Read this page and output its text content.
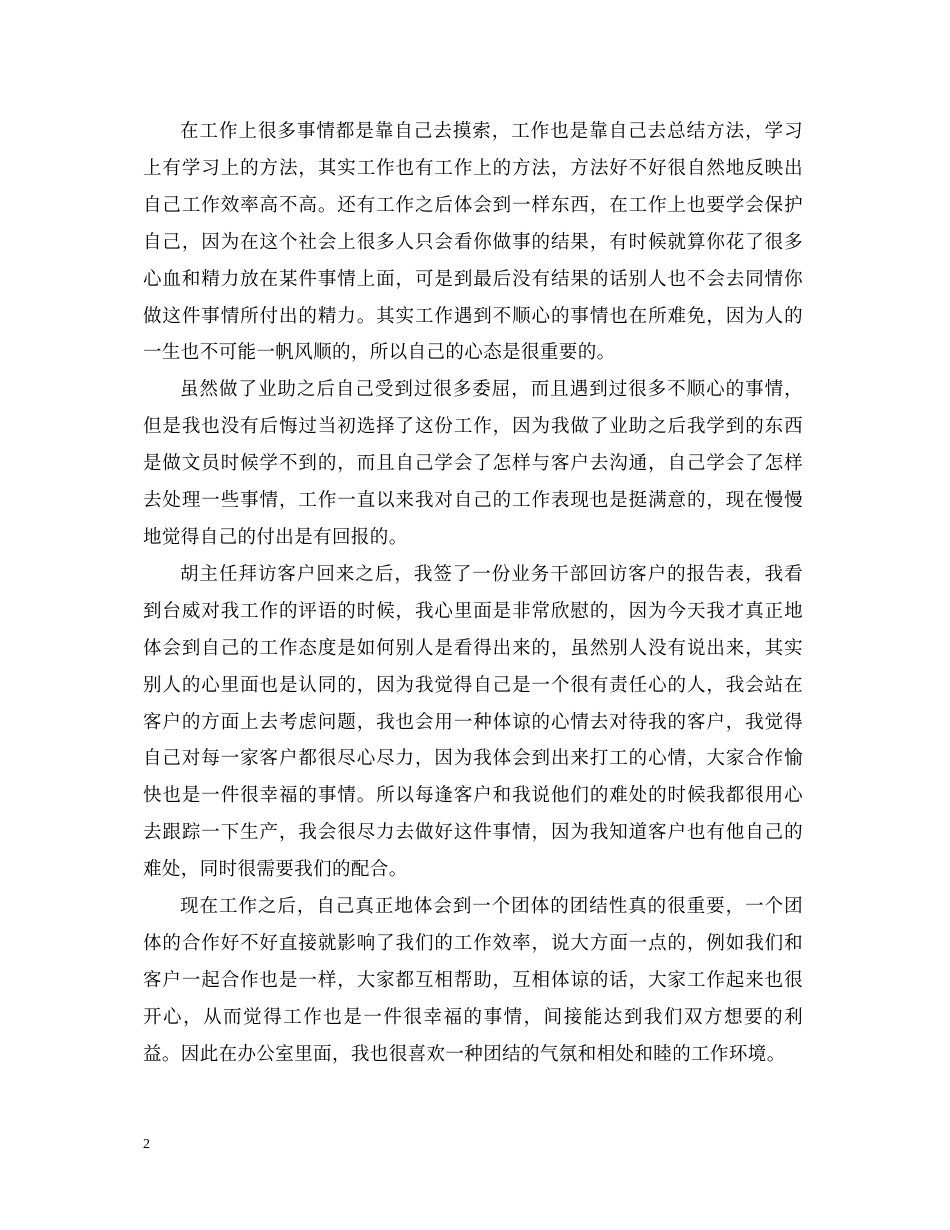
在工作上很多事情都是靠自己去摸索，工作也是靠自己去总结方法，学习上有学习上的方法，其实工作也有工作上的方法，方法好不好很自然地反映出自己工作效率高不高。还有工作之后体会到一样东西，在工作上也要学会保护自己，因为在这个社会上很多人只会看你做事的结果，有时候就算你花了很多心血和精力放在某件事情上面，可是到最后没有结果的话别人也不会去同情你做这件事情所付出的精力。其实工作遇到不顺心的事情也在所难免，因为人的一生也不可能一帆风顺的，所以自己的心态是很重要的。

虽然做了业助之后自己受到过很多委屈，而且遇到过很多不顺心的事情，但是我也没有后悔过当初选择了这份工作，因为我做了业助之后我学到的东西是做文员时候学不到的，而且自己学会了怎样与客户去沟通，自己学会了怎样去处理一些事情，工作一直以来我对自己的工作表现也是挺满意的，现在慢慢地觉得自己的付出是有回报的。

胡主任拜访客户回来之后，我签了一份业务干部回访客户的报告表，我看到台威对我工作的评语的时候，我心里面是非常欣慰的，因为今天我才真正地体会到自己的工作态度是如何别人是看得出来的，虽然别人没有说出来，其实别人的心里面也是认同的，因为我觉得自己是一个很有责任心的人，我会站在客户的方面上去考虑问题，我也会用一种体谅的心情去对待我的客户，我觉得自己对每一家客户都很尽心尽力，因为我体会到出来打工的心情，大家合作愉快也是一件很幸福的事情。所以每逢客户和我说他们的难处的时候我都很用心去跟踪一下生产，我会很尽力去做好这件事情，因为我知道客户也有他自己的难处，同时很需要我们的配合。

现在工作之后，自己真正地体会到一个团体的团结性真的很重要，一个团体的合作好不好直接就影响了我们的工作效率，说大方面一点的，例如我们和客户一起合作也是一样，大家都互相帮助，互相体谅的话，大家工作起来也很开心，从而觉得工作也是一件很幸福的事情，间接能达到我们双方想要的利益。因此在办公室里面，我也很喜欢一种团结的气氛和相处和睦的工作环境。

2
